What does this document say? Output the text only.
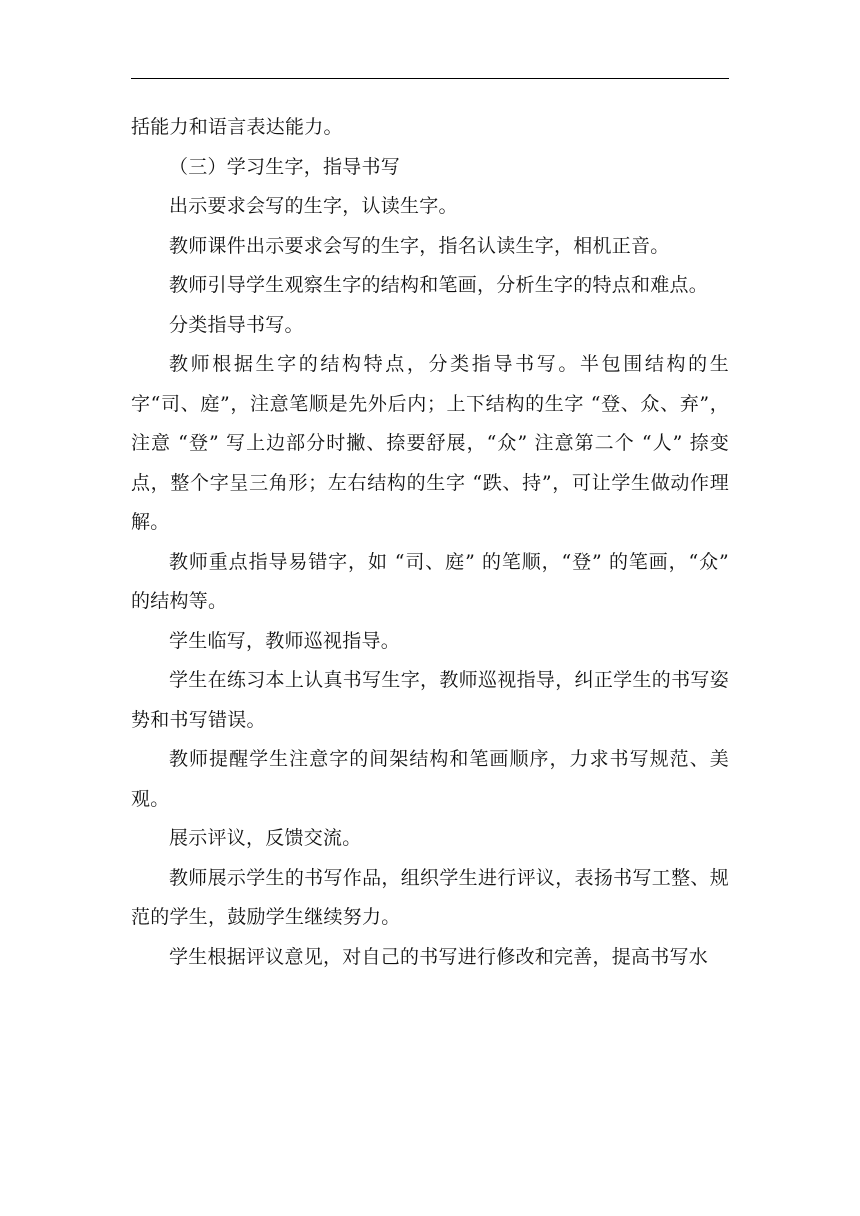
括能力和语言表达能力。

（三）学习生字，指导书写

出示要求会写的生字，认读生字。

教师课件出示要求会写的生字，指名认读生字，相机正音。

教师引导学生观察生字的结构和笔画，分析生字的特点和难点。

分类指导书写。

教师根据生字的结构特点，分类指导书写。半包围结构的生字“司、庭”，注意笔顺是先外后内；上下结构的生字 “登、众、弃”，注意 “登” 写上边部分时撇、捺要舒展，“众” 注意第二个 “人” 捺变点，整个字呈三角形；左右结构的生字 “跌、持”，可让学生做动作理解。

教师重点指导易错字，如 “司、庭” 的笔顺，“登” 的笔画，“众” 的结构等。

学生临写，教师巡视指导。

学生在练习本上认真书写生字，教师巡视指导，纠正学生的书写姿势和书写错误。

教师提醒学生注意字的间架结构和笔画顺序，力求书写规范、美观。

展示评议，反馈交流。

教师展示学生的书写作品，组织学生进行评议，表扬书写工整、规范的学生，鼓励学生继续努力。

学生根据评议意见，对自己的书写进行修改和完善，提高书写水
